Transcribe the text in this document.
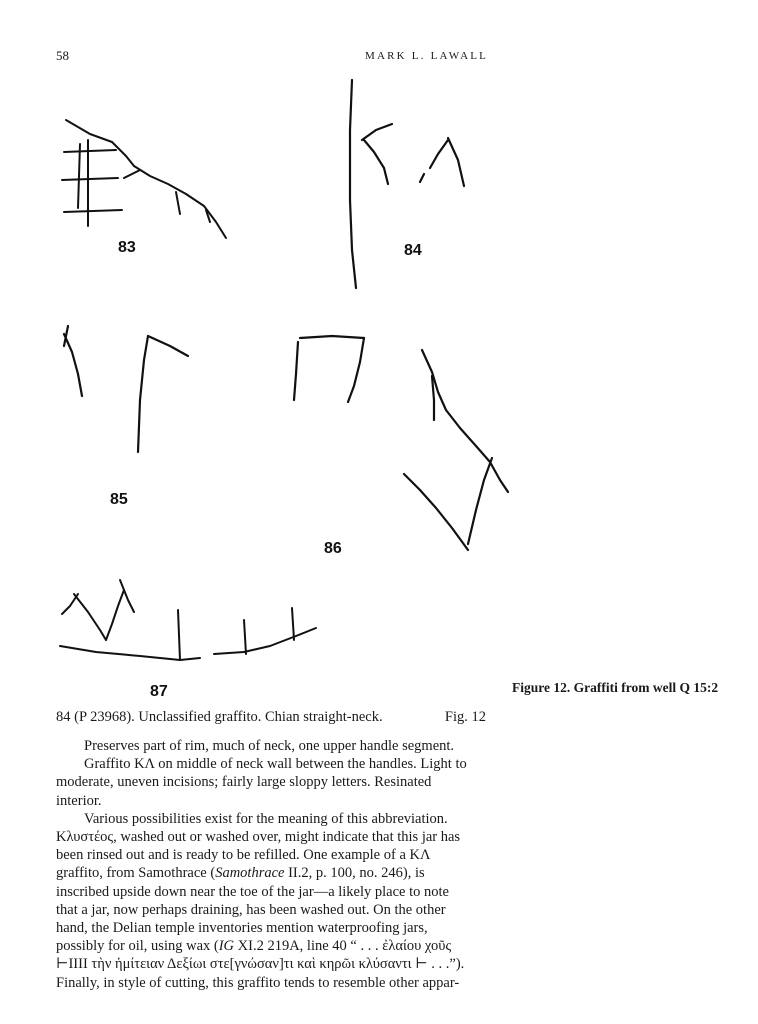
58	MARK L. LAWALL
83	84
85
86
87	Figure 12. Graffiti from well Q 15:2
84 (P 23968). Unclassified graffito. Chian straight-neck.	Fig. 12

Preserves part of rim, much of neck, one upper handle segment.

Graffito ΚΛ on middle of neck wall between the handles. Light to moderate, uneven incisions; fairly large sloppy letters. Resinated interior.

Various possibilities exist for the meaning of this abbreviation. Κλυστέος, washed out or washed over, might indicate that this jar has been rinsed out and is ready to be refilled. One example of a ΚΛ graffito, from Samothrace (Samothrace II.2, p. 100, no. 246), is inscribed upside down near the toe of the jar—a likely place to note that a jar, now perhaps draining, has been washed out. On the other hand, the Delian temple inventories mention waterproofing jars, possibly for oil, using wax (IG XI.2 219A, line 40 “ . . . ἐλαίου χοῦς ⊢ΙΙΙΙ τὴν ἡμίτειαν Δεξίωι στε[γνώσαν]τι καὶ κηρῶι κλύσαντι ⊢ . . .”). Finally, in style of cutting, this graffito tends to resemble other appar-
